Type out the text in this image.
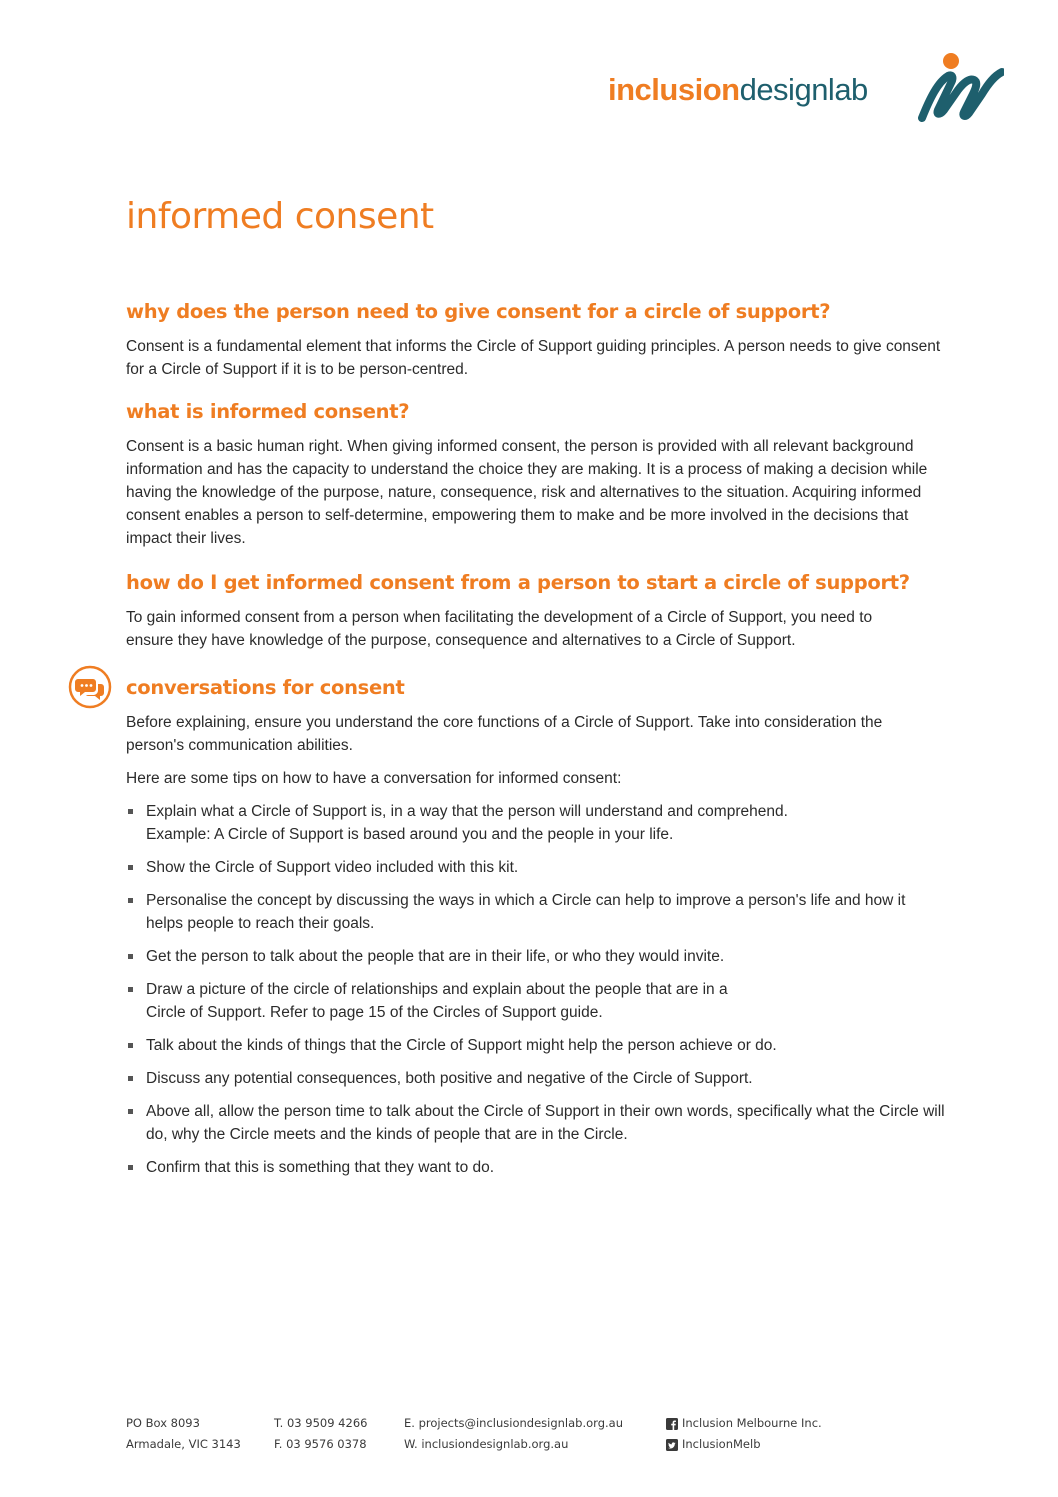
inclusiondesignlab
informed consent
why does the person need to give consent for a circle of support?

Consent is a fundamental element that informs the Circle of Support guiding principles. A person needs to give consent for a Circle of Support if it is to be person-centred.

what is informed consent?

Consent is a basic human right. When giving informed consent, the person is provided with all relevant background information and has the capacity to understand the choice they are making. It is a process of making a decision while having the knowledge of the purpose, nature, consequence, risk and alternatives to the situation. Acquiring informed consent enables a person to self-determine, empowering them to make and be more involved in the decisions that impact their lives.

how do I get informed consent from a person to start a circle of support?

To gain informed consent from a person when facilitating the development of a Circle of Support, you need to ensure they have knowledge of the purpose, consequence and alternatives to a Circle of Support.

conversations for consent

Before explaining, ensure you understand the core functions of a Circle of Support. Take into consideration the person's communication abilities.

Here are some tips on how to have a conversation for informed consent:

Explain what a Circle of Support is, in a way that the person will understand and comprehend.
Example: A Circle of Support is based around you and the people in your life.
Show the Circle of Support video included with this kit.
Personalise the concept by discussing the ways in which a Circle can help to improve a person's life and how it helps people to reach their goals.
Get the person to talk about the people that are in their life, or who they would invite.
Draw a picture of the circle of relationships and explain about the people that are in a
Circle of Support. Refer to page 15 of the Circles of Support guide.
Talk about the kinds of things that the Circle of Support might help the person achieve or do.
Discuss any potential consequences, both positive and negative of the Circle of Support.
Above all, allow the person time to talk about the Circle of Support in their own words, specifically what the Circle will do, why the Circle meets and the kinds of people that are in the Circle.
Confirm that this is something that they want to do.
PO Box 8093
Armadale, VIC 3143
T. 03 9509 4266
F. 03 9576 0378
E. projects@inclusiondesignlab.org.au
W. inclusiondesignlab.org.au
Inclusion Melbourne Inc.
InclusionMelb
